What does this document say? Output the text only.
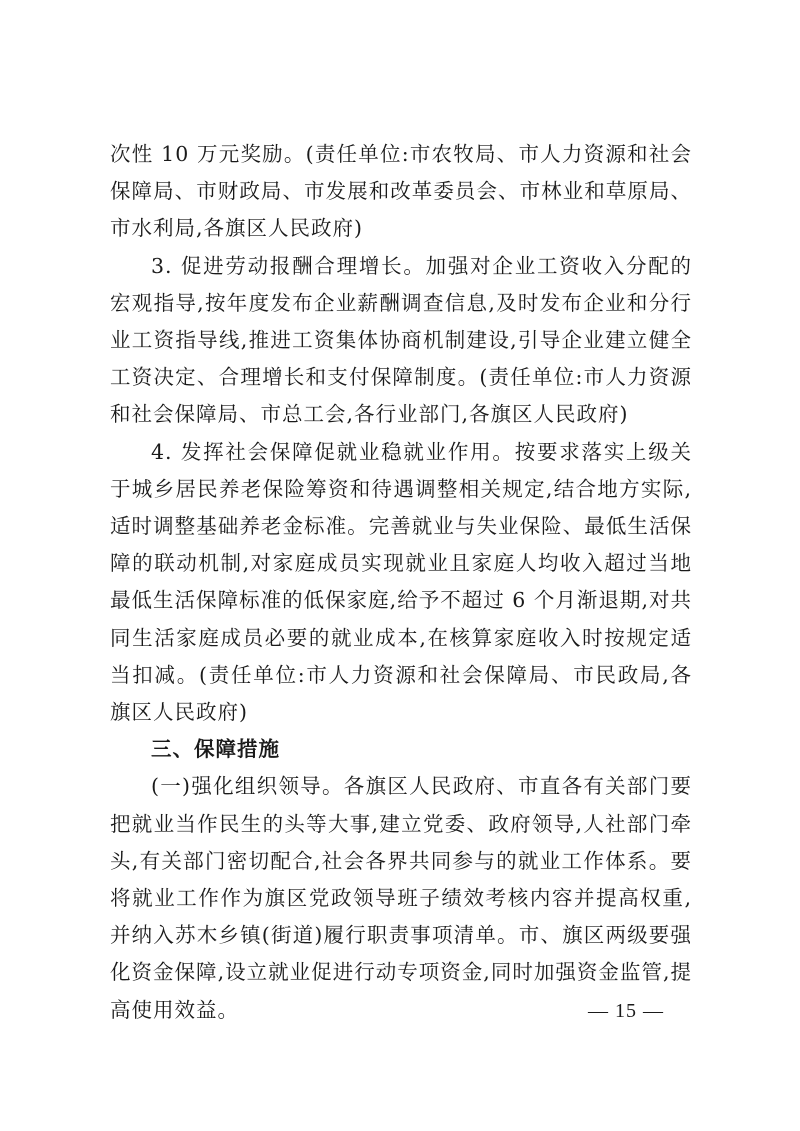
次性 10 万元奖励。(责任单位:市农牧局、市人力资源和社会保障局、市财政局、市发展和改革委员会、市林业和草原局、市水利局,各旗区人民政府)

3. 促进劳动报酬合理增长。加强对企业工资收入分配的宏观指导,按年度发布企业薪酬调查信息,及时发布企业和分行业工资指导线,推进工资集体协商机制建设,引导企业建立健全工资决定、合理增长和支付保障制度。(责任单位:市人力资源和社会保障局、市总工会,各行业部门,各旗区人民政府)

4. 发挥社会保障促就业稳就业作用。按要求落实上级关于城乡居民养老保险筹资和待遇调整相关规定,结合地方实际,适时调整基础养老金标准。完善就业与失业保险、最低生活保障的联动机制,对家庭成员实现就业且家庭人均收入超过当地最低生活保障标准的低保家庭,给予不超过 6 个月渐退期,对共同生活家庭成员必要的就业成本,在核算家庭收入时按规定适当扣减。(责任单位:市人力资源和社会保障局、市民政局,各旗区人民政府)

三、保障措施

(一)强化组织领导。各旗区人民政府、市直各有关部门要把就业当作民生的头等大事,建立党委、政府领导,人社部门牵头,有关部门密切配合,社会各界共同参与的就业工作体系。要将就业工作作为旗区党政领导班子绩效考核内容并提高权重,并纳入苏木乡镇(街道)履行职责事项清单。市、旗区两级要强化资金保障,设立就业促进行动专项资金,同时加强资金监管,提高使用效益。	— 15 —
